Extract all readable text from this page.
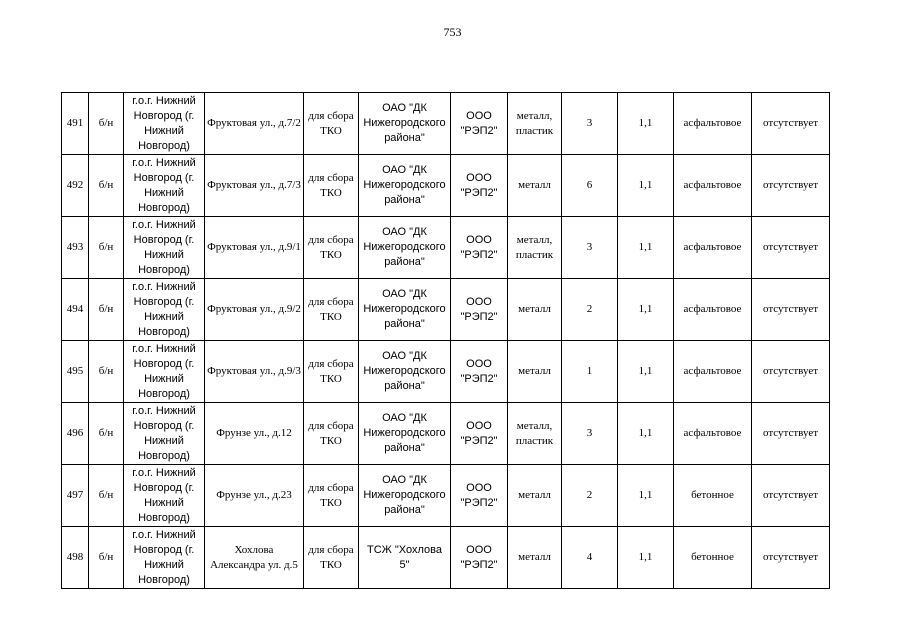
753
491	б/н	г.о.г. Нижний Новгород (г. Нижний Новгород)	Фруктовая ул., д.7/2	для сбора ТКО	ОАО "ДК Нижегородского района"	ООО "РЭП2"	металл, пластик	3	1,1	асфальтовое	отсутствует
492	б/н	г.о.г. Нижний Новгород (г. Нижний Новгород)	Фруктовая ул., д.7/3	для сбора ТКО	ОАО "ДК Нижегородского района"	ООО "РЭП2"	металл	6	1,1	асфальтовое	отсутствует
493	б/н	г.о.г. Нижний Новгород (г. Нижний Новгород)	Фруктовая ул., д.9/1	для сбора ТКО	ОАО "ДК Нижегородского района"	ООО "РЭП2"	металл, пластик	3	1,1	асфальтовое	отсутствует
494	б/н	г.о.г. Нижний Новгород (г. Нижний Новгород)	Фруктовая ул., д.9/2	для сбора ТКО	ОАО "ДК Нижегородского района"	ООО "РЭП2"	металл	2	1,1	асфальтовое	отсутствует
495	б/н	г.о.г. Нижний Новгород (г. Нижний Новгород)	Фруктовая ул., д.9/3	для сбора ТКО	ОАО "ДК Нижегородского района"	ООО "РЭП2"	металл	1	1,1	асфальтовое	отсутствует
496	б/н	г.о.г. Нижний Новгород (г. Нижний Новгород)	Фрунзе ул., д.12	для сбора ТКО	ОАО "ДК Нижегородского района"	ООО "РЭП2"	металл, пластик	3	1,1	асфальтовое	отсутствует
497	б/н	г.о.г. Нижний Новгород (г. Нижний Новгород)	Фрунзе ул., д.23	для сбора ТКО	ОАО "ДК Нижегородского района"	ООО "РЭП2"	металл	2	1,1	бетонное	отсутствует
498	б/н	г.о.г. Нижний Новгород (г. Нижний Новгород)	Хохлова Александра ул. д.5	для сбора ТКО	ТСЖ "Хохлова 5"	ООО "РЭП2"	металл	4	1,1	бетонное	отсутствует
